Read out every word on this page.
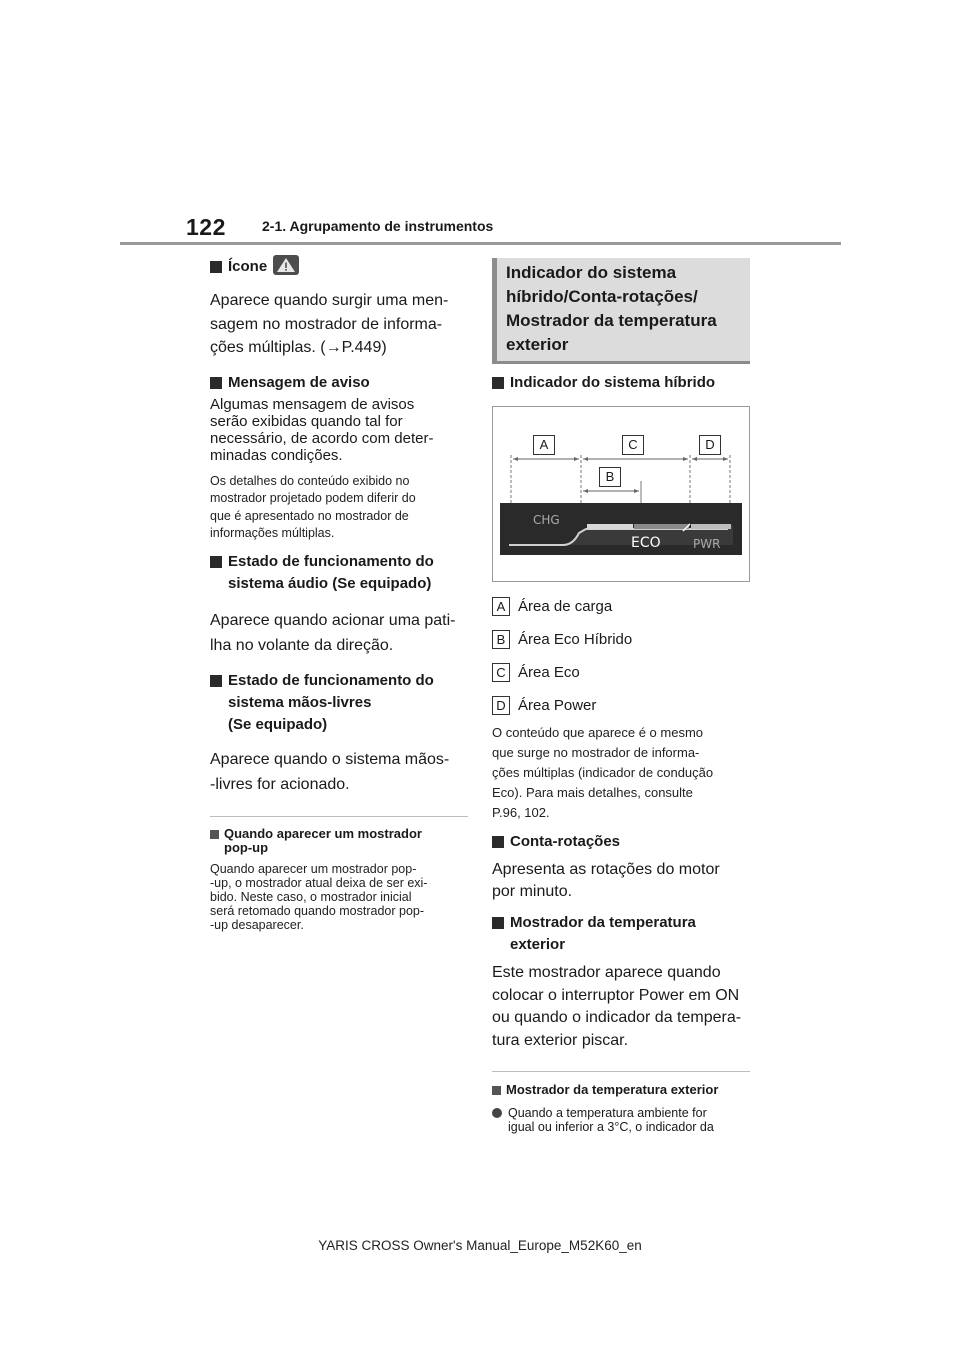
122	2-1. Agrupamento de instrumentos
Ícone
Aparece quando surgir uma men-
sagem no mostrador de informa-
ções múltiplas. (→P.449)
Mensagem de aviso
Algumas mensagem de avisos
serão exibidas quando tal for
necessário, de acordo com deter-
minadas condições.
Os detalhes do conteúdo exibido no
mostrador projetado podem diferir do
que é apresentado no mostrador de
informações múltiplas.
Estado de funcionamento do
sistema áudio (Se equipado)
Aparece quando acionar uma pati-
lha no volante da direção.
Estado de funcionamento do
sistema mãos-livres
(Se equipado)
Aparece quando o sistema mãos-
-livres for acionado.
Quando aparecer um mostrador
pop-up
Quando aparecer um mostrador pop-
-up, o mostrador atual deixa de ser exi-
bido. Neste caso, o mostrador inicial
será retomado quando mostrador pop-
-up desaparecer.
Indicador do sistema
híbrido/Conta-rotações/
Mostrador da temperatura
exterior
Indicador do sistema híbrido
A	C	D
B
CHG
ECO	PWR
A Área de carga
B Área Eco Híbrido
C Área Eco
D Área Power
O conteúdo que aparece é o mesmo
que surge no mostrador de informa-
ções múltiplas (indicador de condução
Eco). Para mais detalhes, consulte
P.96, 102.
Conta-rotações
Apresenta as rotações do motor
por minuto.
Mostrador da temperatura
exterior
Este mostrador aparece quando
colocar o interruptor Power em ON
ou quando o indicador da tempera-
tura exterior piscar.
Mostrador da temperatura exterior
Quando a temperatura ambiente for
igual ou inferior a 3°C, o indicador da
YARIS CROSS Owner's Manual_Europe_M52K60_en
